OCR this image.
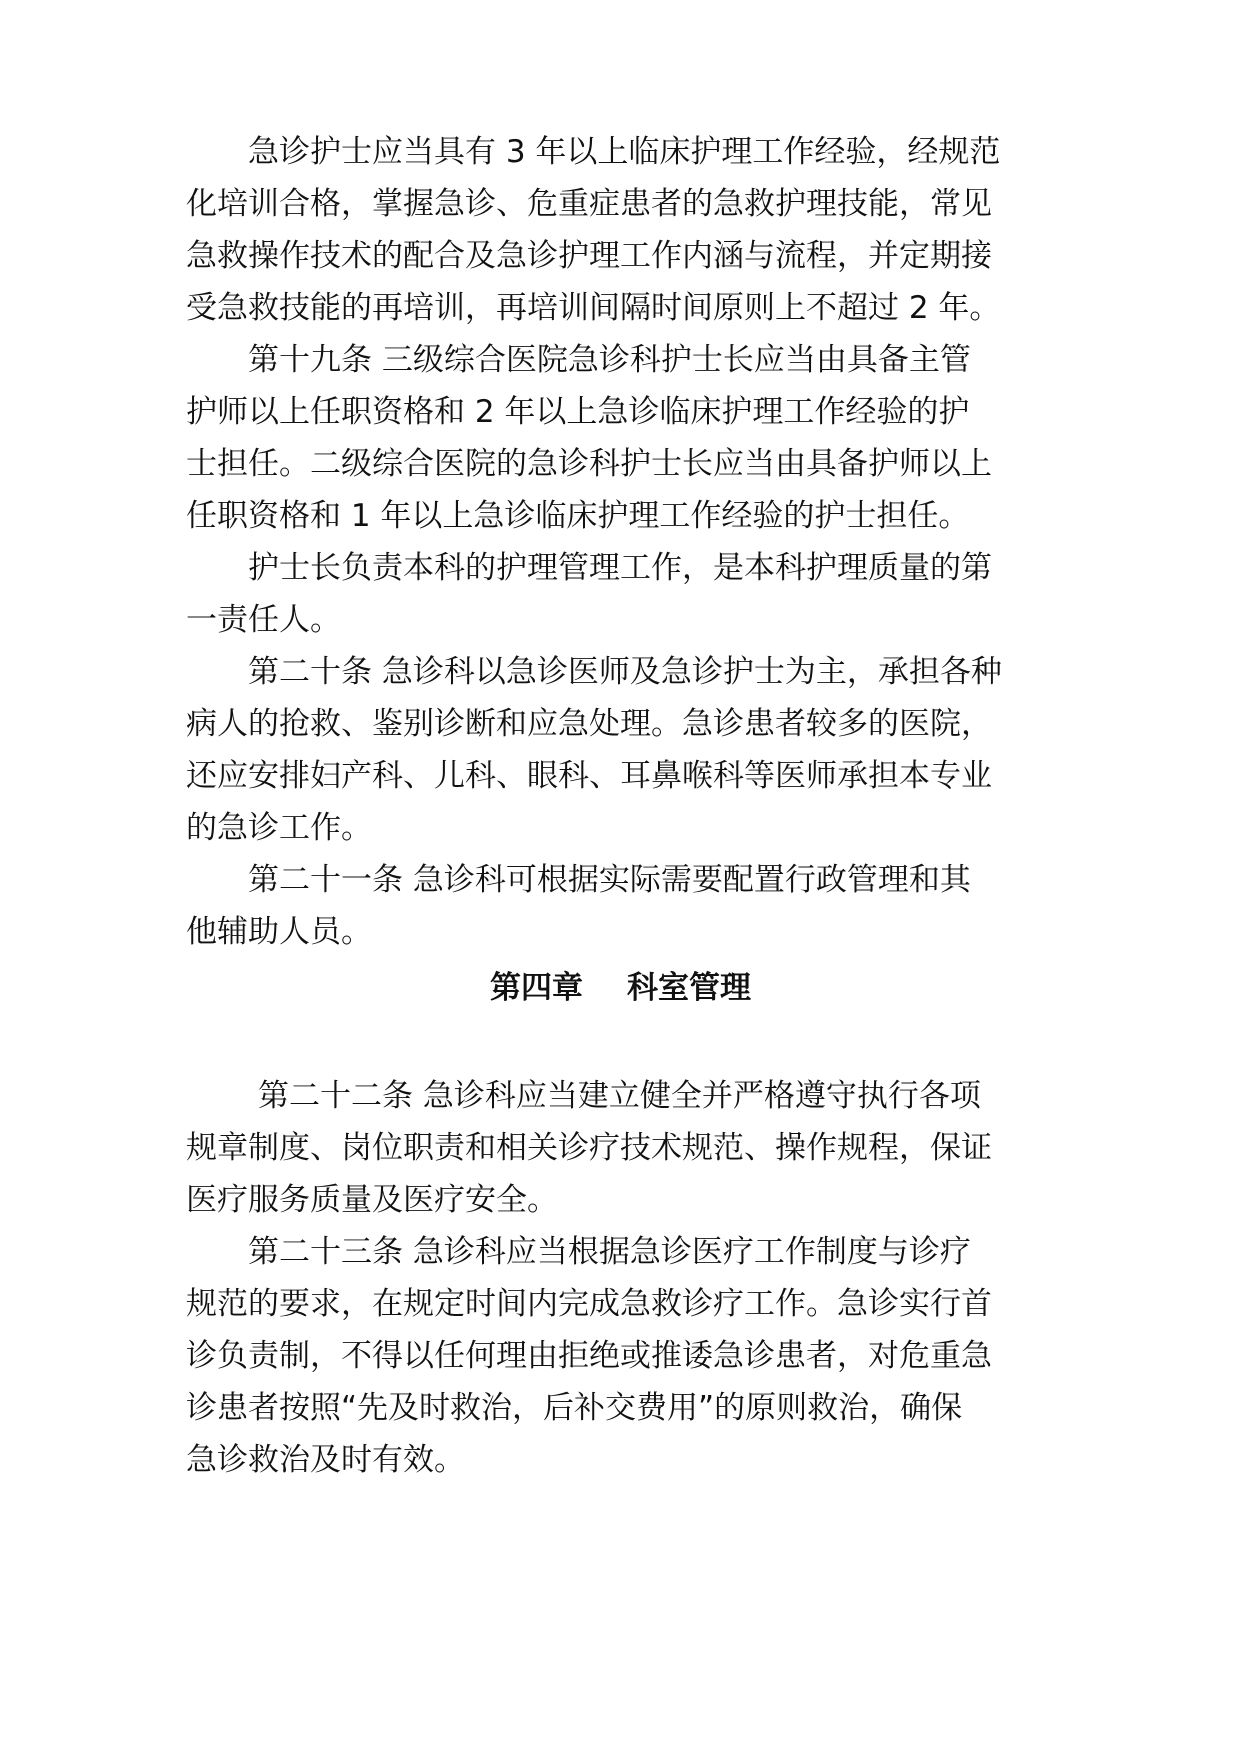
急诊护士应当具有 3 年以上临床护理工作经验，经规范
化培训合格，掌握急诊、危重症患者的急救护理技能，常见
急救操作技术的配合及急诊护理工作内涵与流程，并定期接
受急救技能的再培训，再培训间隔时间原则上不超过 2 年。
第十九条 三级综合医院急诊科护士长应当由具备主管
护师以上任职资格和 2 年以上急诊临床护理工作经验的护
士担任。二级综合医院的急诊科护士长应当由具备护师以上
任职资格和 1 年以上急诊临床护理工作经验的护士担任。
护士长负责本科的护理管理工作，是本科护理质量的第
一责任人。
第二十条 急诊科以急诊医师及急诊护士为主，承担各种
病人的抢救、鉴别诊断和应急处理。急诊患者较多的医院，
还应安排妇产科、儿科、眼科、耳鼻喉科等医师承担本专业
的急诊工作。
第二十一条 急诊科可根据实际需要配置行政管理和其
他辅助人员。
第四章 科室管理
第二十二条 急诊科应当建立健全并严格遵守执行各项
规章制度、岗位职责和相关诊疗技术规范、操作规程，保证
医疗服务质量及医疗安全。
第二十三条 急诊科应当根据急诊医疗工作制度与诊疗
规范的要求，在规定时间内完成急救诊疗工作。急诊实行首
诊负责制，不得以任何理由拒绝或推诿急诊患者，对危重急
诊患者按照“先及时救治，后补交费用”的原则救治，确保
急诊救治及时有效。
